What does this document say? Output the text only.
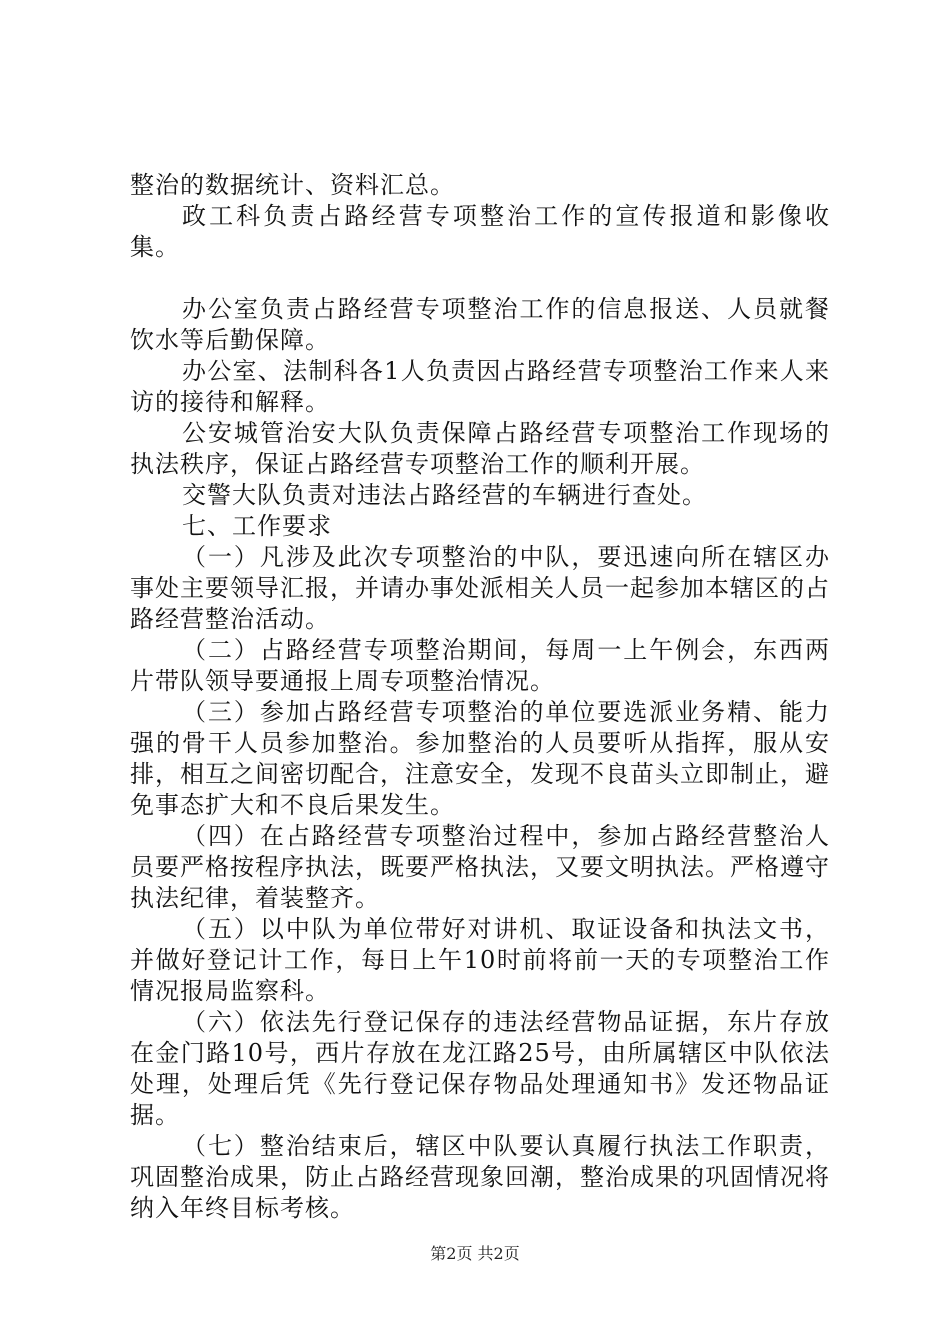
整治的数据统计、资料汇总。

政工科负责占路经营专项整治工作的宣传报道和影像收集。

办公室负责占路经营专项整治工作的信息报送、人员就餐饮水等后勤保障。

办公室、法制科各1人负责因占路经营专项整治工作来人来访的接待和解释。

公安城管治安大队负责保障占路经营专项整治工作现场的执法秩序，保证占路经营专项整治工作的顺利开展。

交警大队负责对违法占路经营的车辆进行查处。

七、工作要求

（一）凡涉及此次专项整治的中队，要迅速向所在辖区办事处主要领导汇报，并请办事处派相关人员一起参加本辖区的占路经营整治活动。

（二）占路经营专项整治期间，每周一上午例会，东西两片带队领导要通报上周专项整治情况。

（三）参加占路经营专项整治的单位要选派业务精、能力强的骨干人员参加整治。参加整治的人员要听从指挥，服从安排，相互之间密切配合，注意安全，发现不良苗头立即制止，避免事态扩大和不良后果发生。

（四）在占路经营专项整治过程中，参加占路经营整治人员要严格按程序执法，既要严格执法，又要文明执法。严格遵守执法纪律，着装整齐。

（五）以中队为单位带好对讲机、取证设备和执法文书，并做好登记计工作，每日上午10时前将前一天的专项整治工作情况报局监察科。

（六）依法先行登记保存的违法经营物品证据，东片存放在金门路10号，西片存放在龙江路25号，由所属辖区中队依法处理，处理后凭《先行登记保存物品处理通知书》发还物品证据。

（七）整治结束后，辖区中队要认真履行执法工作职责，巩固整治成果，防止占路经营现象回潮，整治成果的巩固情况将纳入年终目标考核。

第2页 共2页
